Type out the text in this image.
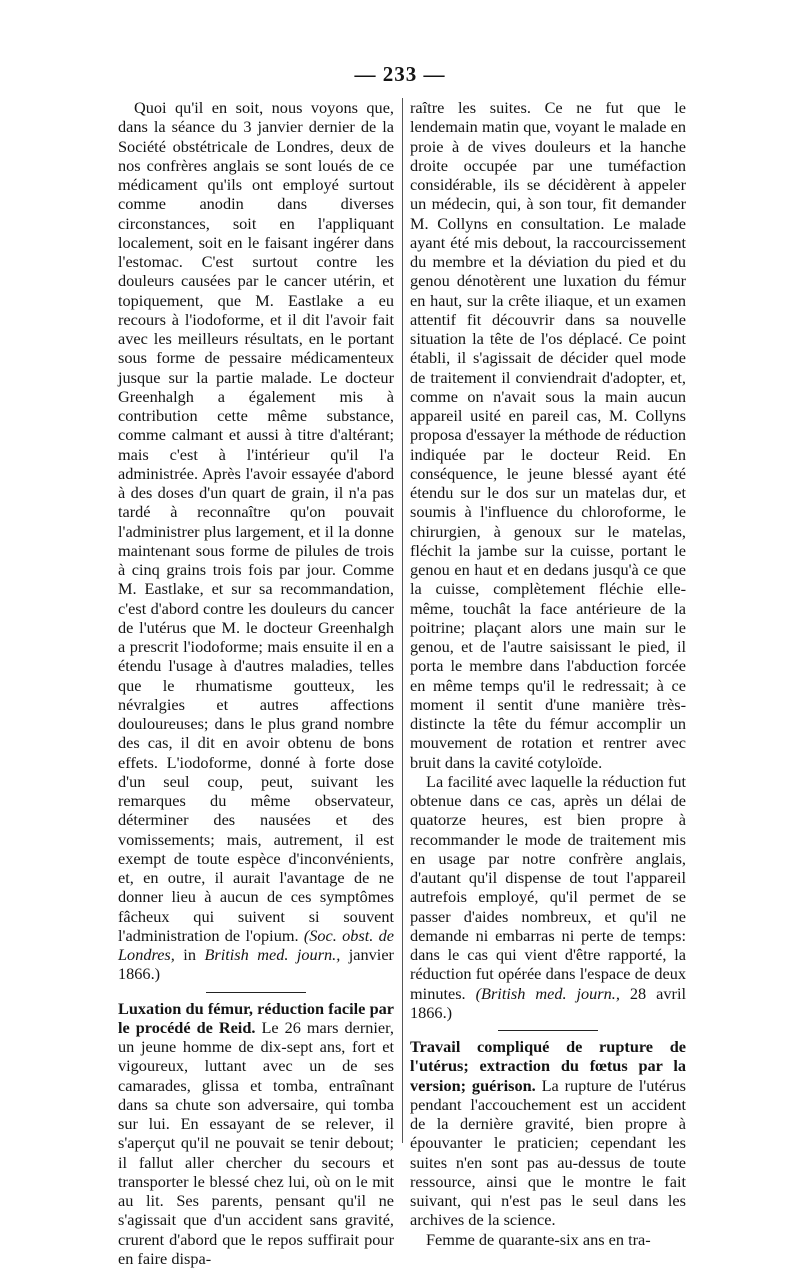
— 233 —

Quoi qu'il en soit, nous voyons que, dans la séance du 3 janvier dernier de la Société obstétricale de Londres, deux de nos confrères anglais se sont loués de ce médicament qu'ils ont employé surtout comme anodin dans diverses circonstances, soit en l'appliquant localement, soit en le faisant ingérer dans l'estomac. C'est surtout contre les douleurs causées par le cancer utérin, et topiquement, que M. Eastlake a eu recours à l'iodoforme, et il dit l'avoir fait avec les meilleurs résultats, en le portant sous forme de pessaire médicamenteux jusque sur la partie malade. Le docteur Greenhalgh a également mis à contribution cette même substance, comme calmant et aussi à titre d'altérant; mais c'est à l'intérieur qu'il l'a administrée. Après l'avoir essayée d'abord à des doses d'un quart de grain, il n'a pas tardé à reconnaître qu'on pouvait l'administrer plus largement, et il la donne maintenant sous forme de pilules de trois à cinq grains trois fois par jour. Comme M. Eastlake, et sur sa recommandation, c'est d'abord contre les douleurs du cancer de l'utérus que M. le docteur Greenhalgh a prescrit l'iodoforme; mais ensuite il en a étendu l'usage à d'autres maladies, telles que le rhumatisme goutteux, les névralgies et autres affections douloureuses; dans le plus grand nombre des cas, il dit en avoir obtenu de bons effets. L'iodoforme, donné à forte dose d'un seul coup, peut, suivant les remarques du même observateur, déterminer des nausées et des vomissements; mais, autrement, il est exempt de toute espèce d'inconvénients, et, en outre, il aurait l'avantage de ne donner lieu à aucun de ces symptômes fâcheux qui suivent si souvent l'administration de l'opium. (Soc. obst. de Londres, in British med. journ., janvier 1866.)

Luxation du fémur, réduction facile par le procédé de Reid. Le 26 mars dernier, un jeune homme de dix-sept ans, fort et vigoureux, luttant avec un de ses camarades, glissa et tomba, entraînant dans sa chute son adversaire, qui tomba sur lui. En essayant de se relever, il s'aperçut qu'il ne pouvait se tenir debout; il fallut aller chercher du secours et transporter le blessé chez lui, où on le mit au lit. Ses parents, pensant qu'il ne s'agissait que d'un accident sans gravité, crurent d'abord que le repos suffirait pour en faire dispa-

raître les suites. Ce ne fut que le lendemain matin que, voyant le malade en proie à de vives douleurs et la hanche droite occupée par une tuméfaction considérable, ils se décidèrent à appeler un médecin, qui, à son tour, fit demander M. Collyns en consultation. Le malade ayant été mis debout, la raccourcissement du membre et la déviation du pied et du genou dénotèrent une luxation du fémur en haut, sur la crête iliaque, et un examen attentif fit découvrir dans sa nouvelle situation la tête de l'os déplacé. Ce point établi, il s'agissait de décider quel mode de traitement il conviendrait d'adopter, et, comme on n'avait sous la main aucun appareil usité en pareil cas, M. Collyns proposa d'essayer la méthode de réduction indiquée par le docteur Reid. En conséquence, le jeune blessé ayant été étendu sur le dos sur un matelas dur, et soumis à l'influence du chloroforme, le chirurgien, à genoux sur le matelas, fléchit la jambe sur la cuisse, portant le genou en haut et en dedans jusqu'à ce que la cuisse, complètement fléchie elle-même, touchât la face antérieure de la poitrine; plaçant alors une main sur le genou, et de l'autre saisissant le pied, il porta le membre dans l'abduction forcée en même temps qu'il le redressait; à ce moment il sentit d'une manière très-distincte la tête du fémur accomplir un mouvement de rotation et rentrer avec bruit dans la cavité cotyloïde.

La facilité avec laquelle la réduction fut obtenue dans ce cas, après un délai de quatorze heures, est bien propre à recommander le mode de traitement mis en usage par notre confrère anglais, d'autant qu'il dispense de tout l'appareil autrefois employé, qu'il permet de se passer d'aides nombreux, et qu'il ne demande ni embarras ni perte de temps: dans le cas qui vient d'être rapporté, la réduction fut opérée dans l'espace de deux minutes. (British med. journ., 28 avril 1866.)

Travail compliqué de rupture de l'utérus; extraction du fœtus par la version; guérison. La rupture de l'utérus pendant l'accouchement est un accident de la dernière gravité, bien propre à épouvanter le praticien; cependant les suites n'en sont pas au-dessus de toute ressource, ainsi que le montre le fait suivant, qui n'est pas le seul dans les archives de la science.

Femme de quarante-six ans en tra-
